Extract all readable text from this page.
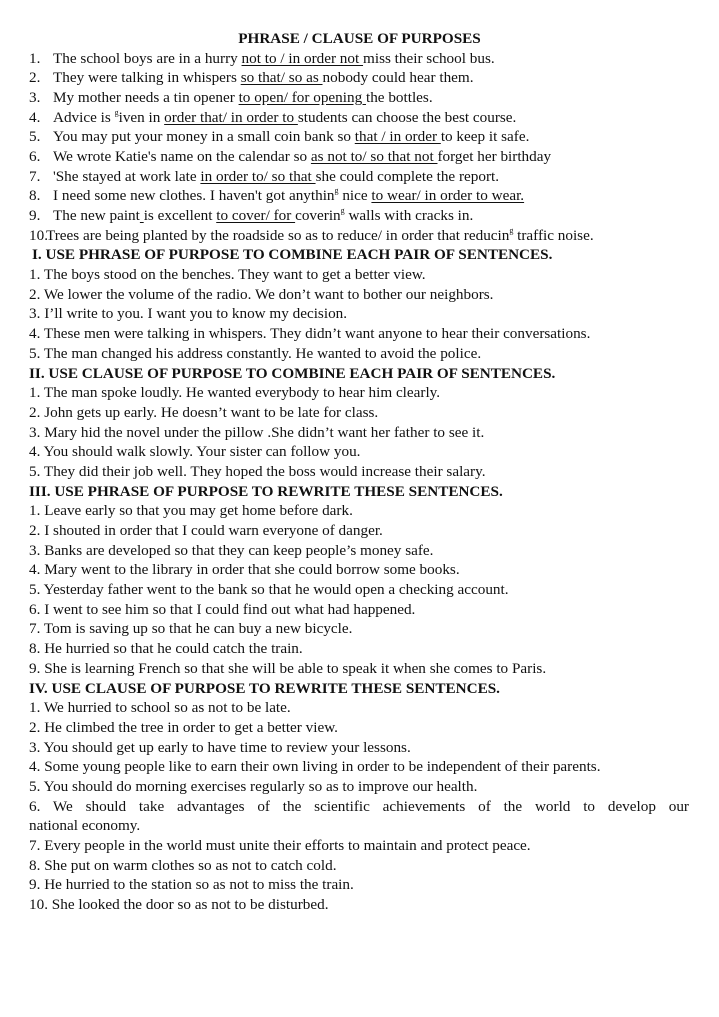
PHRASE / CLAUSE OF PURPOSES
1. The school boys are in a hurry not to / in order not miss their school bus.
2. They were talking in whispers so that/ so as nobody could hear them.
3. My mother needs a tin opener to open/ for opening the bottles.
4. Advice is $^g$iven in order that/ in order to students can choose the best course.
5. You may put your money in a small coin bank so that / in order to keep it safe.
6. We wrote Katie's name on the calendar so as not to/ so that not forget her birthday
7. 'She stayed at work late in order to/ so that she could complete the report.
8. I need some new clothes. I haven't got anythin$^g$ nice to wear/ in order to wear.
9. The new paint is excellent to cover/ for coverin$^g$ walls with cracks in.
10.
Trees are being planted by the roadside so as to reduce/ in order that reducin$^g$ traffic noise.
I. USE PHRASE OF PURPOSE TO COMBINE EACH PAIR OF SENTENCES.
1. The boys stood on the benches. They want to get a better view.
2. We lower the volume of the radio. We don’t want to bother our neighbors.
3. I’ll write to you. I want you to know my decision.
4. These men were talking in whispers. They didn’t want anyone to hear their conversations.
5. The man changed his address constantly. He wanted to avoid the police.
II. USE CLAUSE OF PURPOSE TO COMBINE EACH PAIR OF SENTENCES.
1. The man spoke loudly. He wanted everybody to hear him clearly.
2. John gets up early. He doesn’t want to be late for class.
3. Mary hid the novel under the pillow .She didn’t want her father to see it.
4. You should walk slowly. Your sister can follow you.
5. They did their job well. They hoped the boss would increase their salary.
III. USE PHRASE OF PURPOSE TO REWRITE THESE SENTENCES.
1. Leave early so that you may get home before dark.
2. I shouted in order that I could warn everyone of danger.
3. Banks are developed so that they can keep people’s money safe.
4. Mary went to the library in order that she could borrow some books.
5. Yesterday father went to the bank so that he would open a checking account.
6. I went to see him so that I could find out what had happened.
7. Tom is saving up so that he can buy a new bicycle.
8. He hurried so that he could catch the train.
9. She is learning French so that she will be able to speak it when she comes to Paris.
IV. USE CLAUSE OF PURPOSE TO REWRITE THESE SENTENCES.
1. We hurried to school so as not to be late.
2. He climbed the tree in order to get a better view.
3. You should get up early to have time to review your lessons.
4. Some young people like to earn their own living in order to be independent of their parents.
5. You should do morning exercises regularly so as to improve our health.
6. We should take advantages of the scientific achievements of the world to develop our
national economy.
7. Every people in the world must unite their efforts to maintain and protect peace.
8. She put on warm clothes so as not to catch cold.
9. He hurried to the station so as not to miss the train.
10. She looked the door so as not to be disturbed.
